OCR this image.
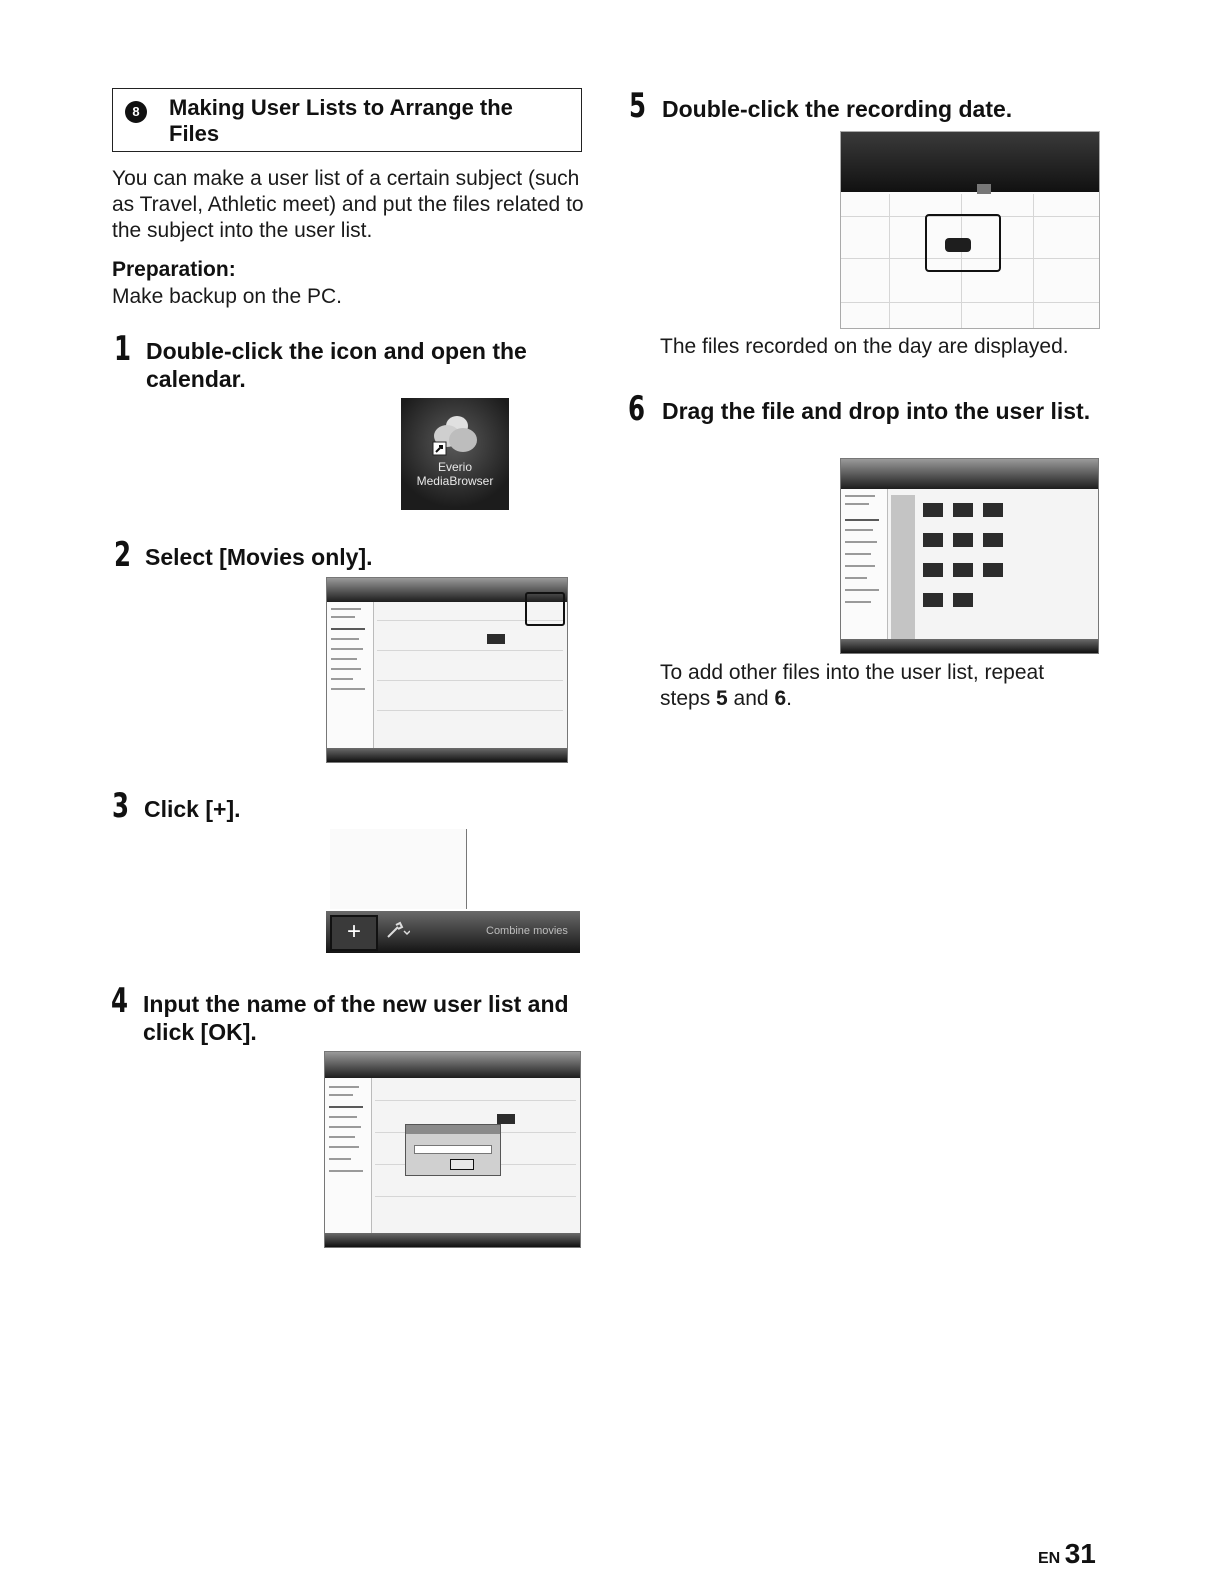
8	Making User Lists to Arrange the Files
You can make a user list of a certain subject (such as Travel, Athletic meet) and put the files related to the subject into the user list.
Preparation:
Make backup on the PC.
1 Double-click the icon and open the calendar.
Everio
MediaBrowser
2 Select [Movies only].
3 Click [+].
+	Combine movies
4 Input the name of the new user list and click [OK].
5 Double-click the recording date.
The files recorded on the day are displayed.
6 Drag the file and drop into the user list.
To add other files into the user list, repeat steps 5 and 6.
EN 31
